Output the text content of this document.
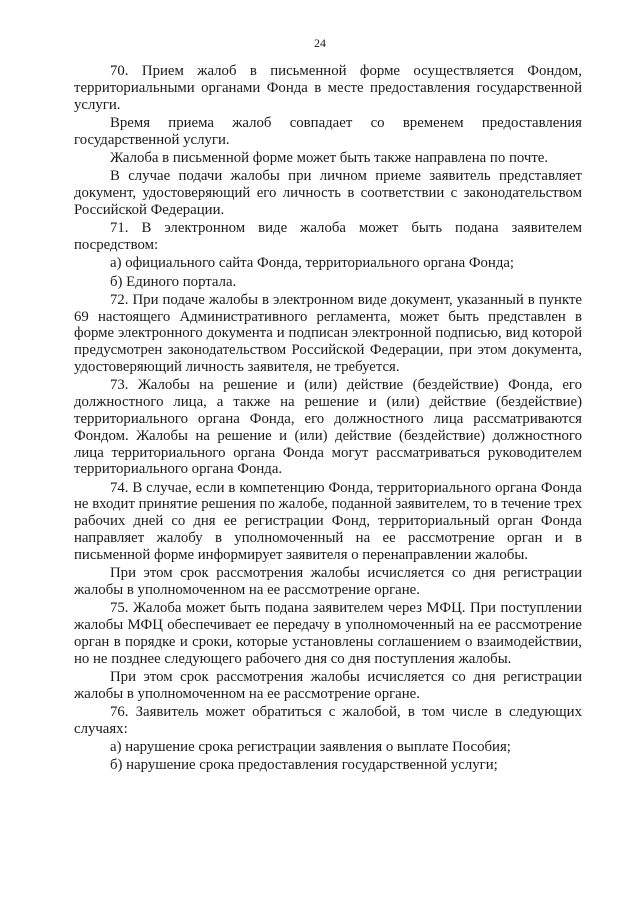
24

70. Прием жалоб в письменной форме осуществляется Фондом, территориальными органами Фонда в месте предоставления государственной услуги.

Время приема жалоб совпадает со временем предоставления государственной услуги.

Жалоба в письменной форме может быть также направлена по почте.

В случае подачи жалобы при личном приеме заявитель представляет документ, удостоверяющий его личность в соответствии с законодательством Российской Федерации.

71. В электронном виде жалоба может быть подана заявителем посредством:

а) официального сайта Фонда, территориального органа Фонда;

б) Единого портала.

72. При подаче жалобы в электронном виде документ, указанный в пункте 69 настоящего Административного регламента, может быть представлен в форме электронного документа и подписан электронной подписью, вид которой предусмотрен законодательством Российской Федерации, при этом документа, удостоверяющий личность заявителя, не требуется.

73. Жалобы на решение и (или) действие (бездействие) Фонда, его должностного лица, а также на решение и (или) действие (бездействие) территориального органа Фонда, его должностного лица рассматриваются Фондом. Жалобы на решение и (или) действие (бездействие) должностного лица территориального органа Фонда могут рассматриваться руководителем территориального органа Фонда.

74. В случае, если в компетенцию Фонда, территориального органа Фонда не входит принятие решения по жалобе, поданной заявителем, то в течение трех рабочих дней со дня ее регистрации Фонд, территориальный орган Фонда направляет жалобу в уполномоченный на ее рассмотрение орган и в письменной форме информирует заявителя о перенаправлении жалобы.

При этом срок рассмотрения жалобы исчисляется со дня регистрации жалобы в уполномоченном на ее рассмотрение органе.

75. Жалоба может быть подана заявителем через МФЦ. При поступлении жалобы МФЦ обеспечивает ее передачу в уполномоченный на ее рассмотрение орган в порядке и сроки, которые установлены соглашением о взаимодействии, но не позднее следующего рабочего дня со дня поступления жалобы.

При этом срок рассмотрения жалобы исчисляется со дня регистрации жалобы в уполномоченном на ее рассмотрение органе.

76. Заявитель может обратиться с жалобой, в том числе в следующих случаях:

а) нарушение срока регистрации заявления о выплате Пособия;

б) нарушение срока предоставления государственной услуги;
